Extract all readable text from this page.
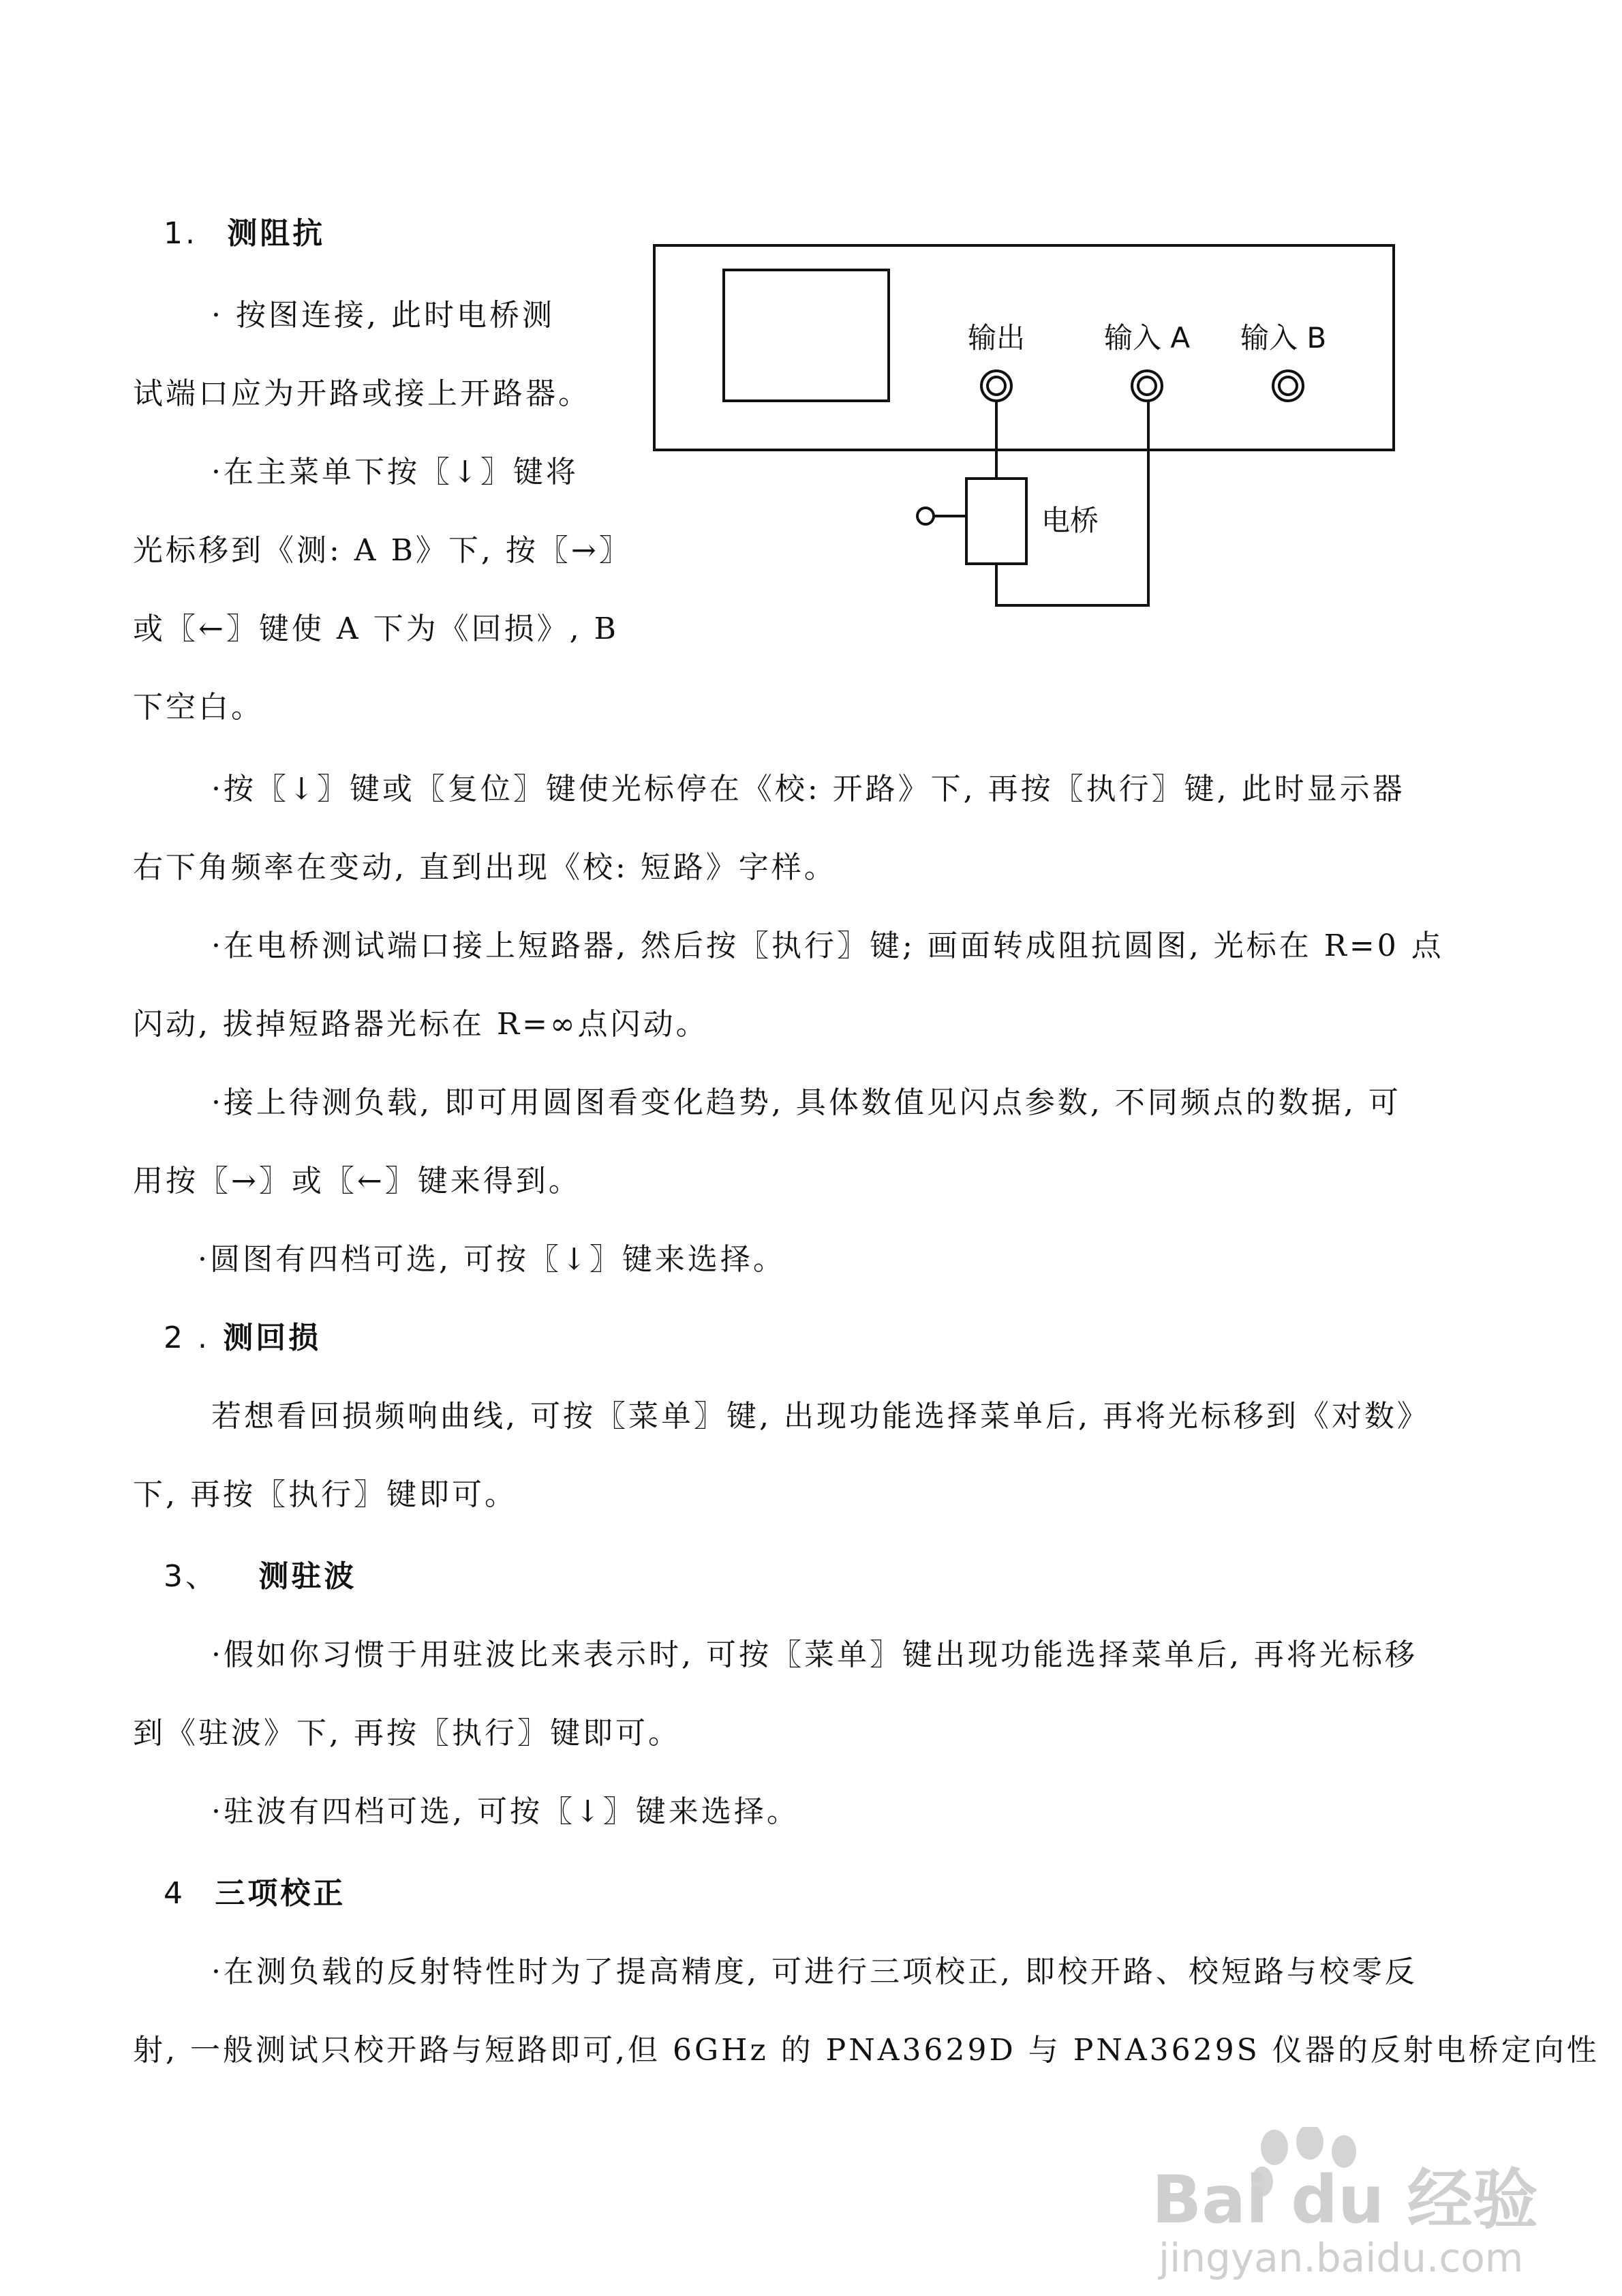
1. 测阻抗
· 按图连接, 此时电桥测
试端口应为开路或接上开路器。
·在主菜单下按〖↓〗键将
光标移到《测: A B》下, 按〖→〗
或〖←〗键使 A 下为《回损》, B
下空白。
·按〖↓〗键或〖复位〗键使光标停在《校: 开路》下, 再按〖执行〗键, 此时显示器
右下角频率在变动, 直到出现《校: 短路》字样。
·在电桥测试端口接上短路器, 然后按〖执行〗键; 画面转成阻抗圆图, 光标在 R=0 点
闪动, 拔掉短路器光标在 R=∞点闪动。
·接上待测负载, 即可用圆图看变化趋势, 具体数值见闪点参数, 不同频点的数据, 可
用按〖→〗或〖←〗键来得到。
·圆图有四档可选, 可按〖↓〗键来选择。
2 . 测回损
若想看回损频响曲线, 可按〖菜单〗键, 出现功能选择菜单后, 再将光标移到《对数》
下, 再按〖执行〗键即可。
3、 测驻波
·假如你习惯于用驻波比来表示时, 可按〖菜单〗键出现功能选择菜单后, 再将光标移
到《驻波》下, 再按〖执行〗键即可。
·驻波有四档可选, 可按〖↓〗键来选择。
4 三项校正
·在测负载的反射特性时为了提高精度, 可进行三项校正, 即校开路、校短路与校零反
射, 一般测试只校开路与短路即可,但 6GHz 的 PNA3629D 与 PNA3629S 仪器的反射电桥定向性
输出	输入 A 输入 B
电桥
Bai du 经验
jingyan.baidu.com
